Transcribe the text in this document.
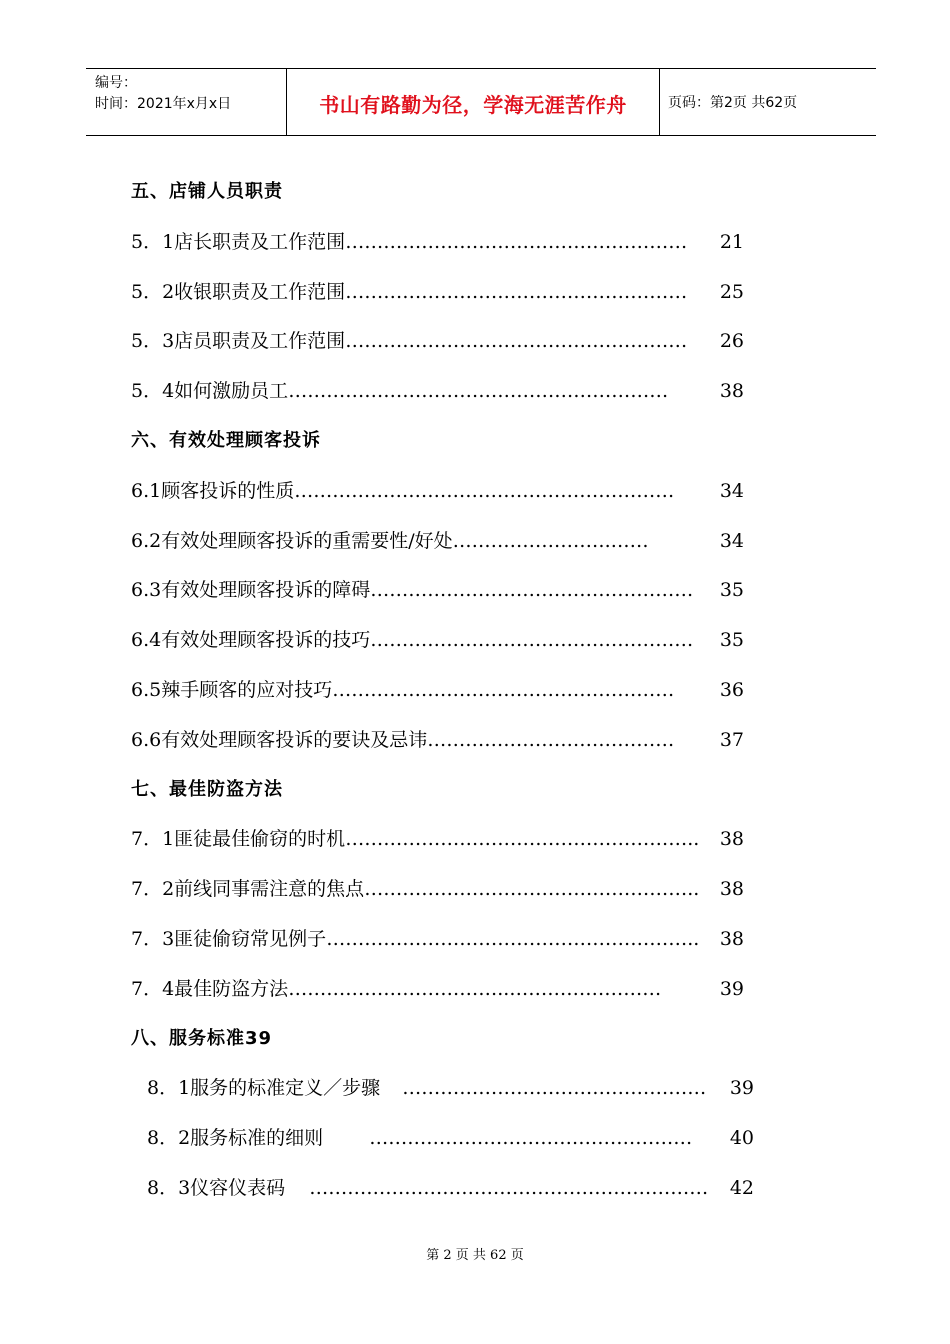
编号：
时间：2021年x月x日	书山有路勤为径，学海无涯苦作舟	页码：第2页 共62页
五、店铺人员职责
5．1店长职责及工作范围 ………………………………………………	21
5．2收银职责及工作范围 ………………………………………………	25
5．3店员职责及工作范围 ………………………………………………	26
5．4如何激励员工 ……………………………………………………	38
六、有效处理顾客投诉
6.1顾客投诉的性质 ……………………………………………………	34
6.2有效处理顾客投诉的重需要性/好处 …………………….……	34
6.3有效处理顾客投诉的障碍 ……………………………………………	35
6.4有效处理顾客投诉的技巧 ……………………………………………	35
6.5辣手顾客的应对技巧 ………………………………………………	36
6.6有效处理顾客投诉的要诀及忌讳 …………………………………	37
七、最佳防盗方法
7．1匪徒最佳偷窃的时机 ………………………………………………..	38
7．2前线同事需注意的焦点 ……………………………………………..	38
7．3匪徒偷窃常见例子 …………………………………………………..	38
7．4最佳防盗方法 ……………………………..……………………	39
八、服务标准39
8．1服务的标准定义／步骤	…………………………………………	39
8．2服务标准的细则	……………………………………………	40
8．3仪容仪表码	………………………………………………………	42
第 2 页 共 62 页
